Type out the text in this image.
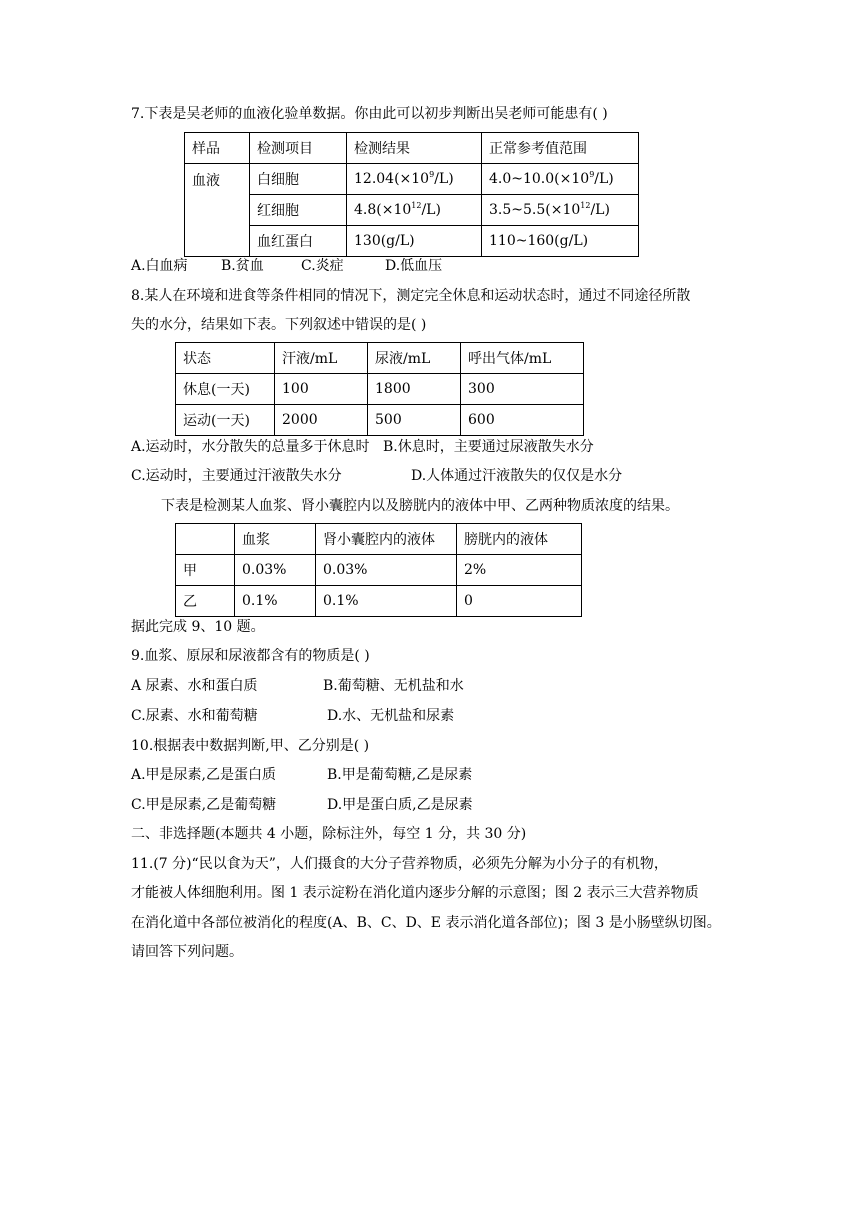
7.下表是吴老师的血液化验单数据。你由此可以初步判断出吴老师可能患有( )
样品	检测项目	检测结果	正常参考值范围
血液	白细胞	$12.04(\times 10^9/L)$	$4.0\sim 10.0(\times 10^9/L)$
	红细胞	$4.8(\times 10^{12}/L)$	$3.5\sim 5.5(\times 10^{12}/L)$
	血红蛋白	130(g/L)	110~160(g/L)
A.白血病 B.贫血	C.炎症	D.低血压
8.某人在环境和进食等条件相同的情况下，测定完全休息和运动状态时，通过不同途径所散
失的水分，结果如下表。下列叙述中错误的是( )
状态	汗液/mL	尿液/mL	呼出气体/mL
休息(一天)	100	1800	300
运动(一天)	2000	500	600
A.运动时，水分散失的总量多于休息时 B.休息时，主要通过尿液散失水分
C.运动时，主要通过汗液散失水分	D.人体通过汗液散失的仅仅是水分
下表是检测某人血浆、肾小囊腔内以及膀胱内的液体中甲、乙两种物质浓度的结果。
	血浆	肾小囊腔内的液体	膀胱内的液体
甲	0.03%	0.03%	2%
乙	0.1%	0.1%	0
据此完成 9、10 题。
9.血浆、原尿和尿液都含有的物质是( )
A 尿素、水和蛋白质	B.葡萄糖、无机盐和水
C.尿素、水和葡萄糖	D.水、无机盐和尿素
10.根据表中数据判断,甲、乙分别是( )
A.甲是尿素,乙是蛋白质	B.甲是葡萄糖,乙是尿素
C.甲是尿素,乙是葡萄糖	D.甲是蛋白质,乙是尿素
二、非选择题(本题共 4 小题，除标注外，每空 1 分，共 30 分)
11.(7 分)“民以食为天”，人们摄食的大分子营养物质，必须先分解为小分子的有机物，
才能被人体细胞利用。图 1 表示淀粉在消化道内逐步分解的示意图；图 2 表示三大营养物质
在消化道中各部位被消化的程度(A、B、C、D、E 表示消化道各部位)；图 3 是小肠壁纵切图。
请回答下列问题。
